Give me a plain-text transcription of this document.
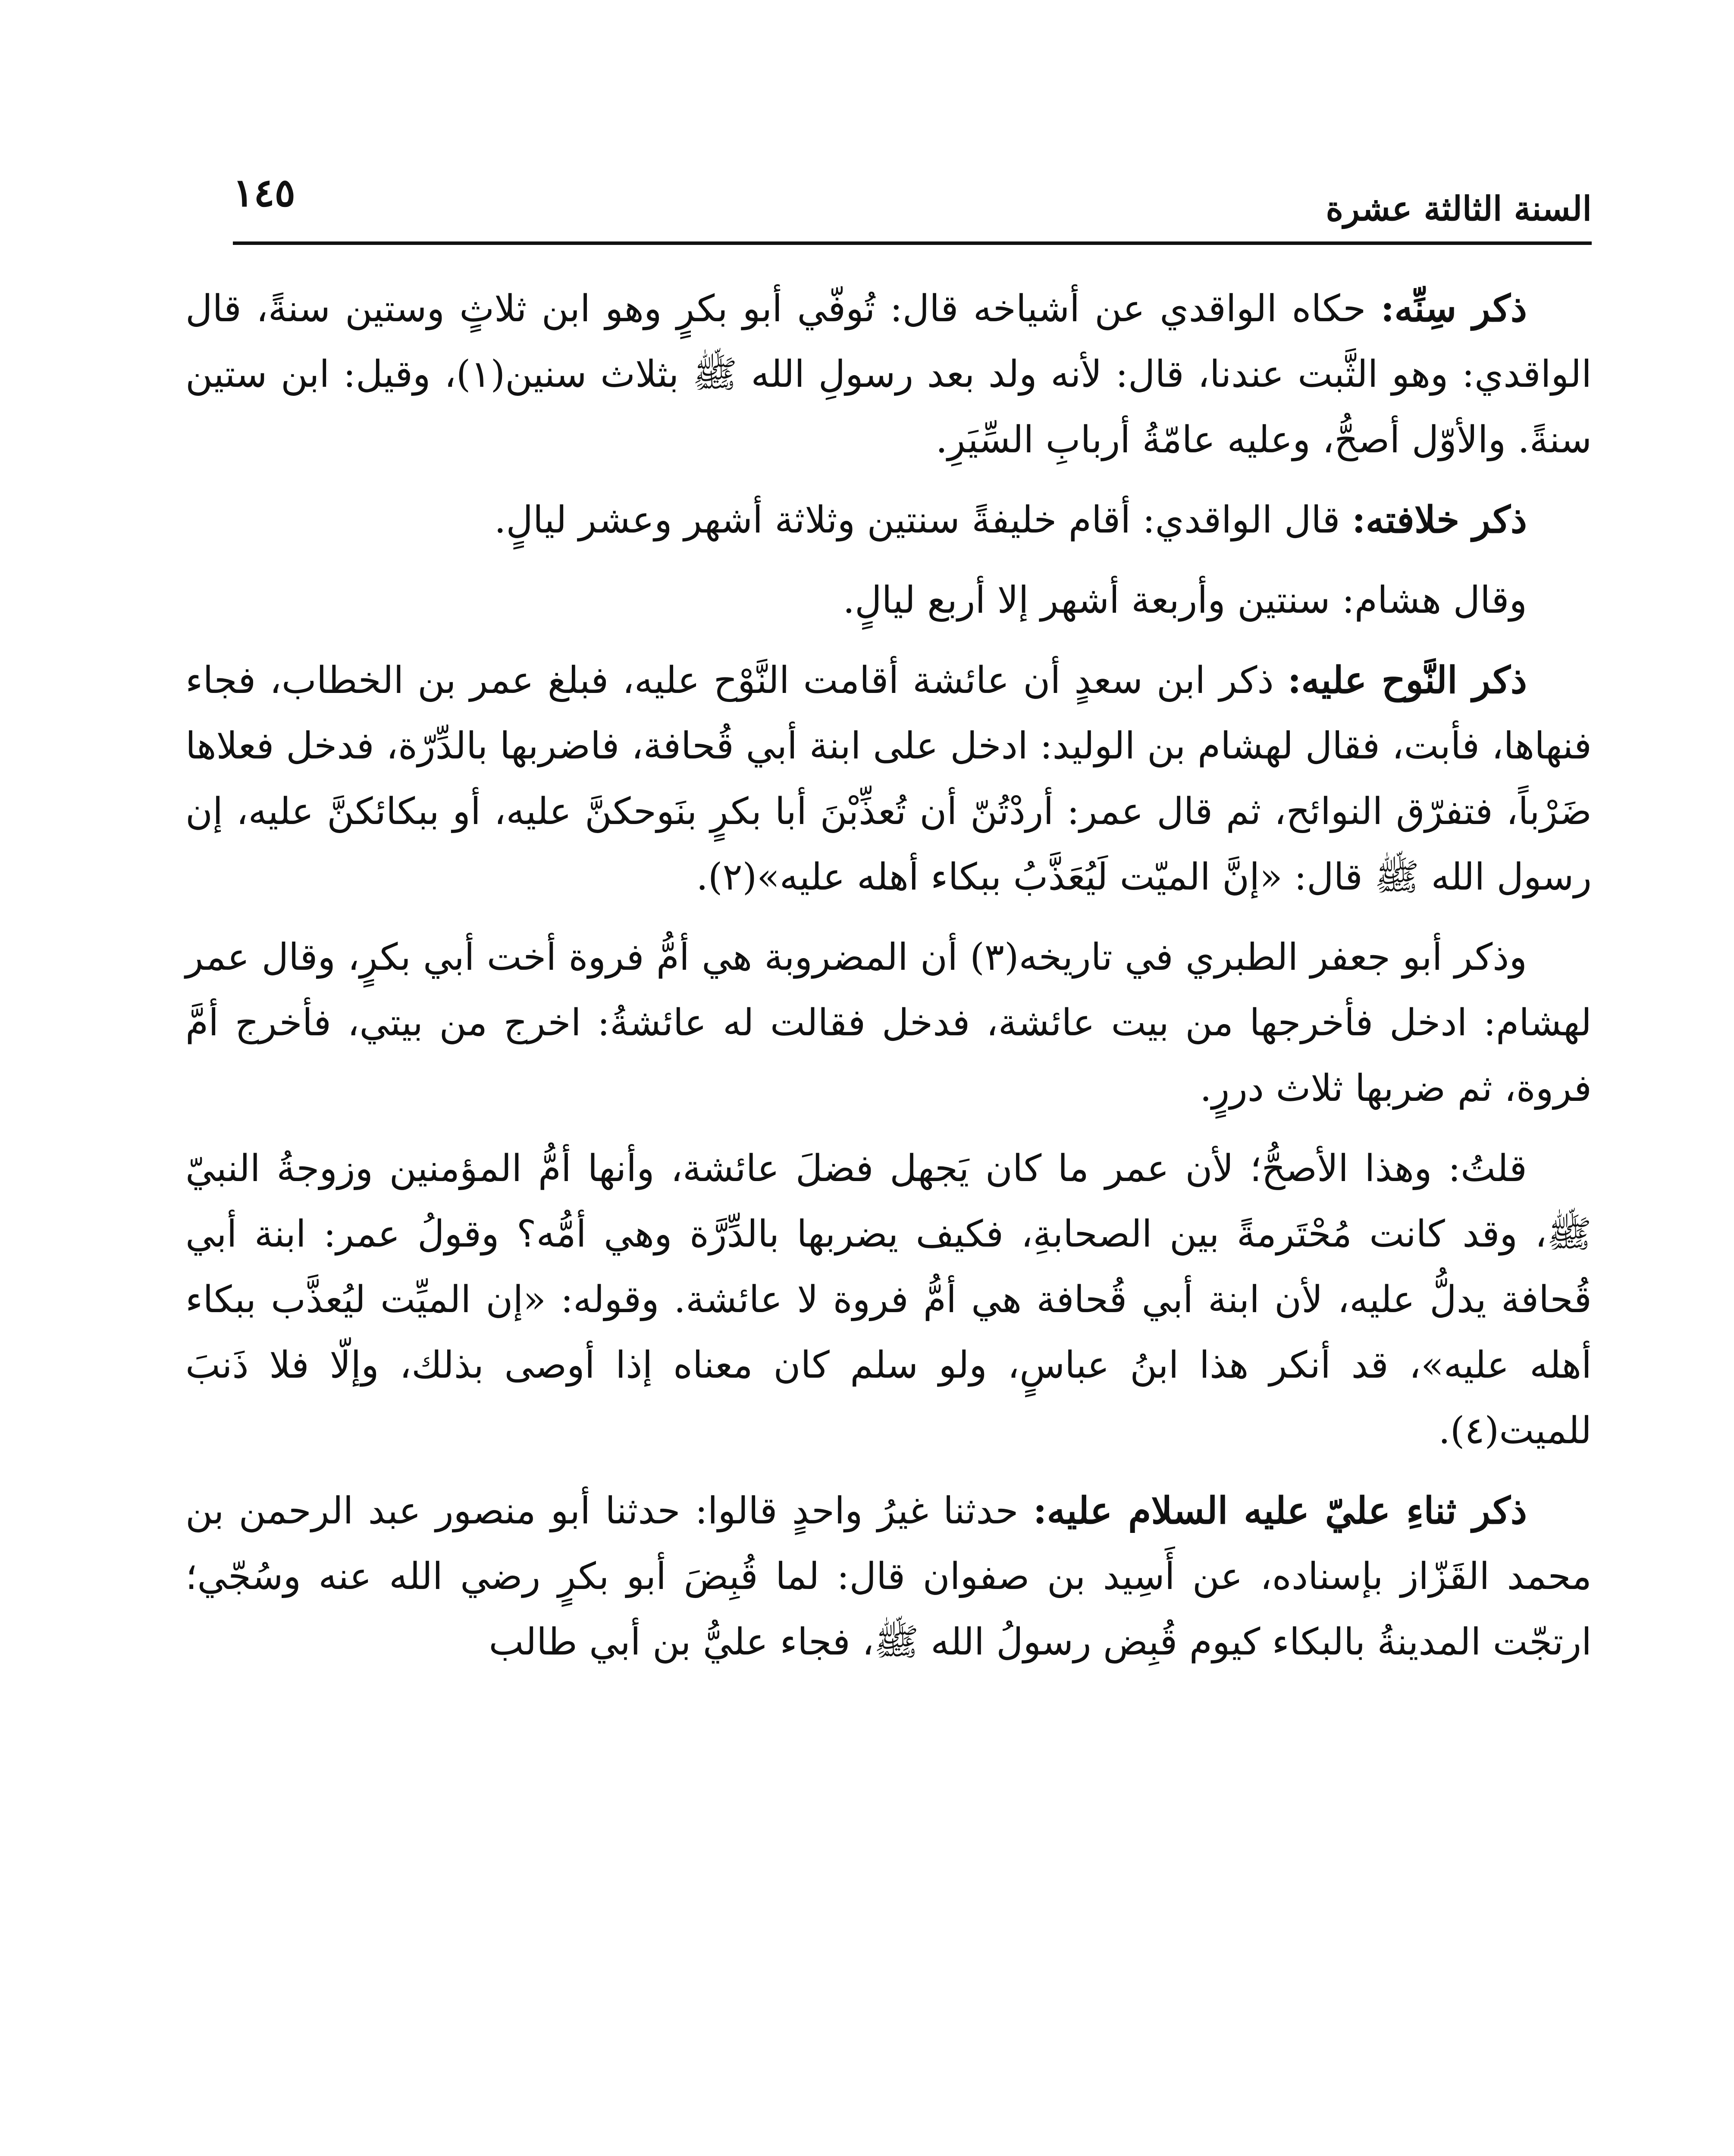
السنة الثالثة عشرة
١٤٥

ذكر سِنِّه: حكاه الواقدي عن أشياخه قال: تُوفّي أبو بكرٍ وهو ابن ثلاثٍ وستين سنةً، قال الواقدي: وهو الثَّبت عندنا، قال: لأنه ولد بعد رسولِ الله ﷺ بثلاث سنين(١)، وقيل: ابن ستين سنةً. والأوّل أصحُّ، وعليه عامّةُ أربابِ السِّيَرِ.

ذكر خلافته: قال الواقدي: أقام خليفةً سنتين وثلاثة أشهر وعشر ليالٍ.

وقال هشام: سنتين وأربعة أشهر إلا أربع ليالٍ.

ذكر النَّوح عليه: ذكر ابن سعدٍ أن عائشة أقامت النَّوْح عليه، فبلغ عمر بن الخطاب، فجاء فنهاها، فأبت، فقال لهشام بن الوليد: ادخل على ابنة أبي قُحافة، فاضربها بالدِّرّة، فدخل فعلاها ضَرْباً، فتفرّق النوائح، ثم قال عمر: أردْتُنّ أن تُعذِّبْنَ أبا بكرٍ بنَوحكنَّ عليه، أو ببكائكنَّ عليه، إن رسول الله ﷺ قال: «إنَّ الميّت لَيُعَذَّبُ ببكاء أهله عليه»(٢).

وذكر أبو جعفر الطبري في تاريخه(٣) أن المضروبة هي أمُّ فروة أخت أبي بكرٍ، وقال عمر لهشام: ادخل فأخرجها من بيت عائشة، فدخل فقالت له عائشةُ: اخرج من بيتي، فأخرج أمَّ فروة، ثم ضربها ثلاث دررٍ.

قلتُ: وهذا الأصحُّ؛ لأن عمر ما كان يَجهل فضلَ عائشة، وأنها أمُّ المؤمنين وزوجةُ النبيّ ﷺ، وقد كانت مُحْتَرمةً بين الصحابةِ، فكيف يضربها بالدِّرَّة وهي أمُّه؟ وقولُ عمر: ابنة أبي قُحافة يدلُّ عليه، لأن ابنة أبي قُحافة هي أمُّ فروة لا عائشة. وقوله: «إن الميِّت ليُعذَّب ببكاء أهله عليه»، قد أنكر هذا ابنُ عباسٍ، ولو سلم كان معناه إذا أوصى بذلك، وإلّا فلا ذَنبَ للميت(٤).

ذكر ثناءِ عليّ عليه السلام عليه: حدثنا غيرُ واحدٍ قالوا: حدثنا أبو منصور عبد الرحمن بن محمد القَزّاز بإسناده، عن أَسِيد بن صفوان قال: لما قُبِضَ أبو بكرٍ رضي الله عنه وسُجّي؛ ارتجّت المدينةُ بالبكاء كيوم قُبِض رسولُ الله ﷺ، فجاء عليُّ بن أبي طالب
